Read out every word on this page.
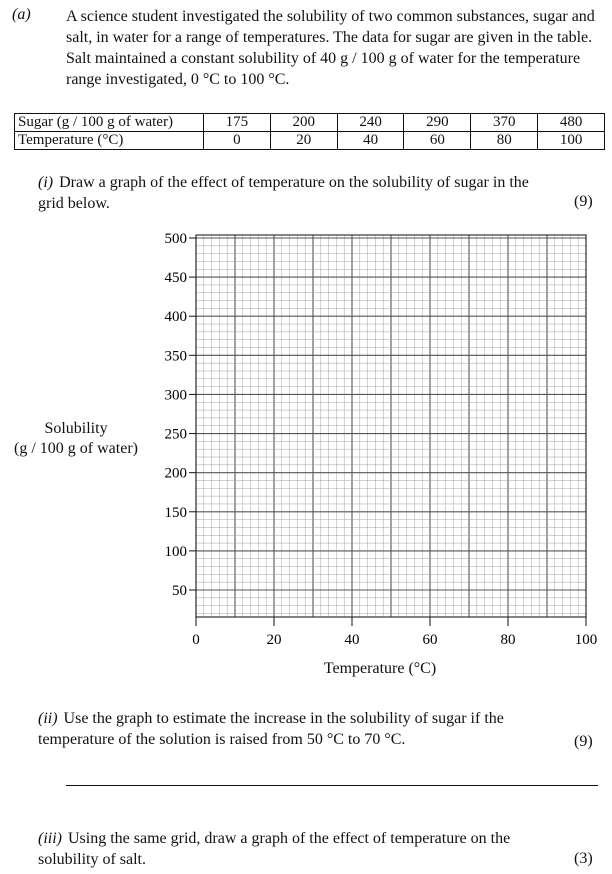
(a) A science student investigated the solubility of two common substances, sugar and salt, in water for a range of temperatures. The data for sugar are given in the table. Salt maintained a constant solubility of 40 g / 100 g of water for the temperature range investigated, 0 °C to 100 °C.
Sugar (g / 100 g of water)	175	200	240	290	370	480
Temperature (°C)	0	20	40	60	80	100
(i) Draw a graph of the effect of temperature on the solubility of sugar in the grid below.	(9)
Solubility
(g / 100 g of water)
50
100
150
200
250
300
350
400
450
500
0	20	40	60	80	100
Temperature (°C)
(ii) Use the graph to estimate the increase in the solubility of sugar if the temperature of the solution is raised from 50 °C to 70 °C.	(9)
(iii) Using the same grid, draw a graph of the effect of temperature on the solubility of salt.	(3)
